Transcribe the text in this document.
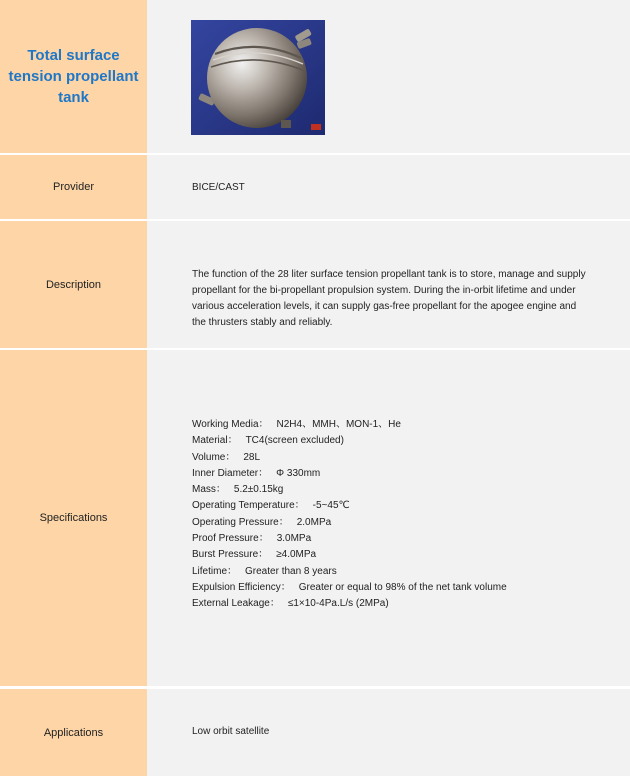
Total surface tension propellant tank
Provider	BICE/CAST
Description
The function of the 28 liter surface tension propellant tank is to store, manage and supply propellant for the bi-propellant propulsion system. During the in-orbit lifetime and under various acceleration levels, it can supply gas-free propellant for the apogee engine and the thrusters stably and reliably.
Specifications
Working Media： N2H4、MMH、MON-1、He
Material： TC4(screen excluded)
Volume： 28L
Inner Diameter： Φ 330mm
Mass： 5.2±0.15kg
Operating Temperature： -5~45℃
Operating Pressure： 2.0MPa
Proof Pressure： 3.0MPa
Burst Pressure： ≥4.0MPa
Lifetime： Greater than 8 years
Expulsion Efficiency： Greater or equal to 98% of the net tank volume
External Leakage： ≤1×10-4Pa.L/s (2MPa)
Applications	Low orbit satellite
